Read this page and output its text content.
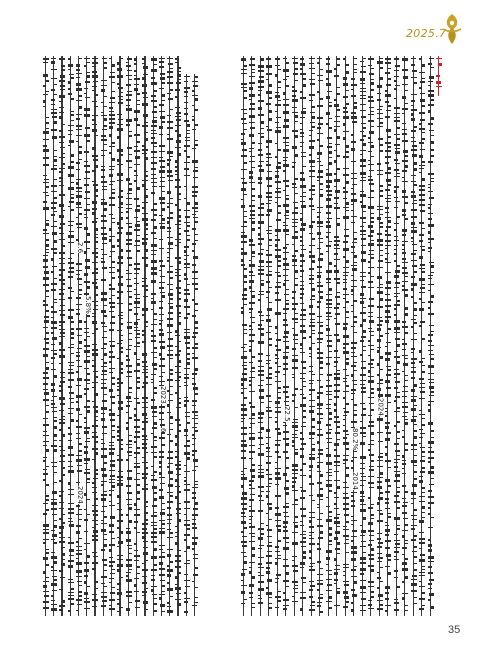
2025.7
2.6
5.8%
2024
2023
6
22.5	2024
80.2%
2014
35
